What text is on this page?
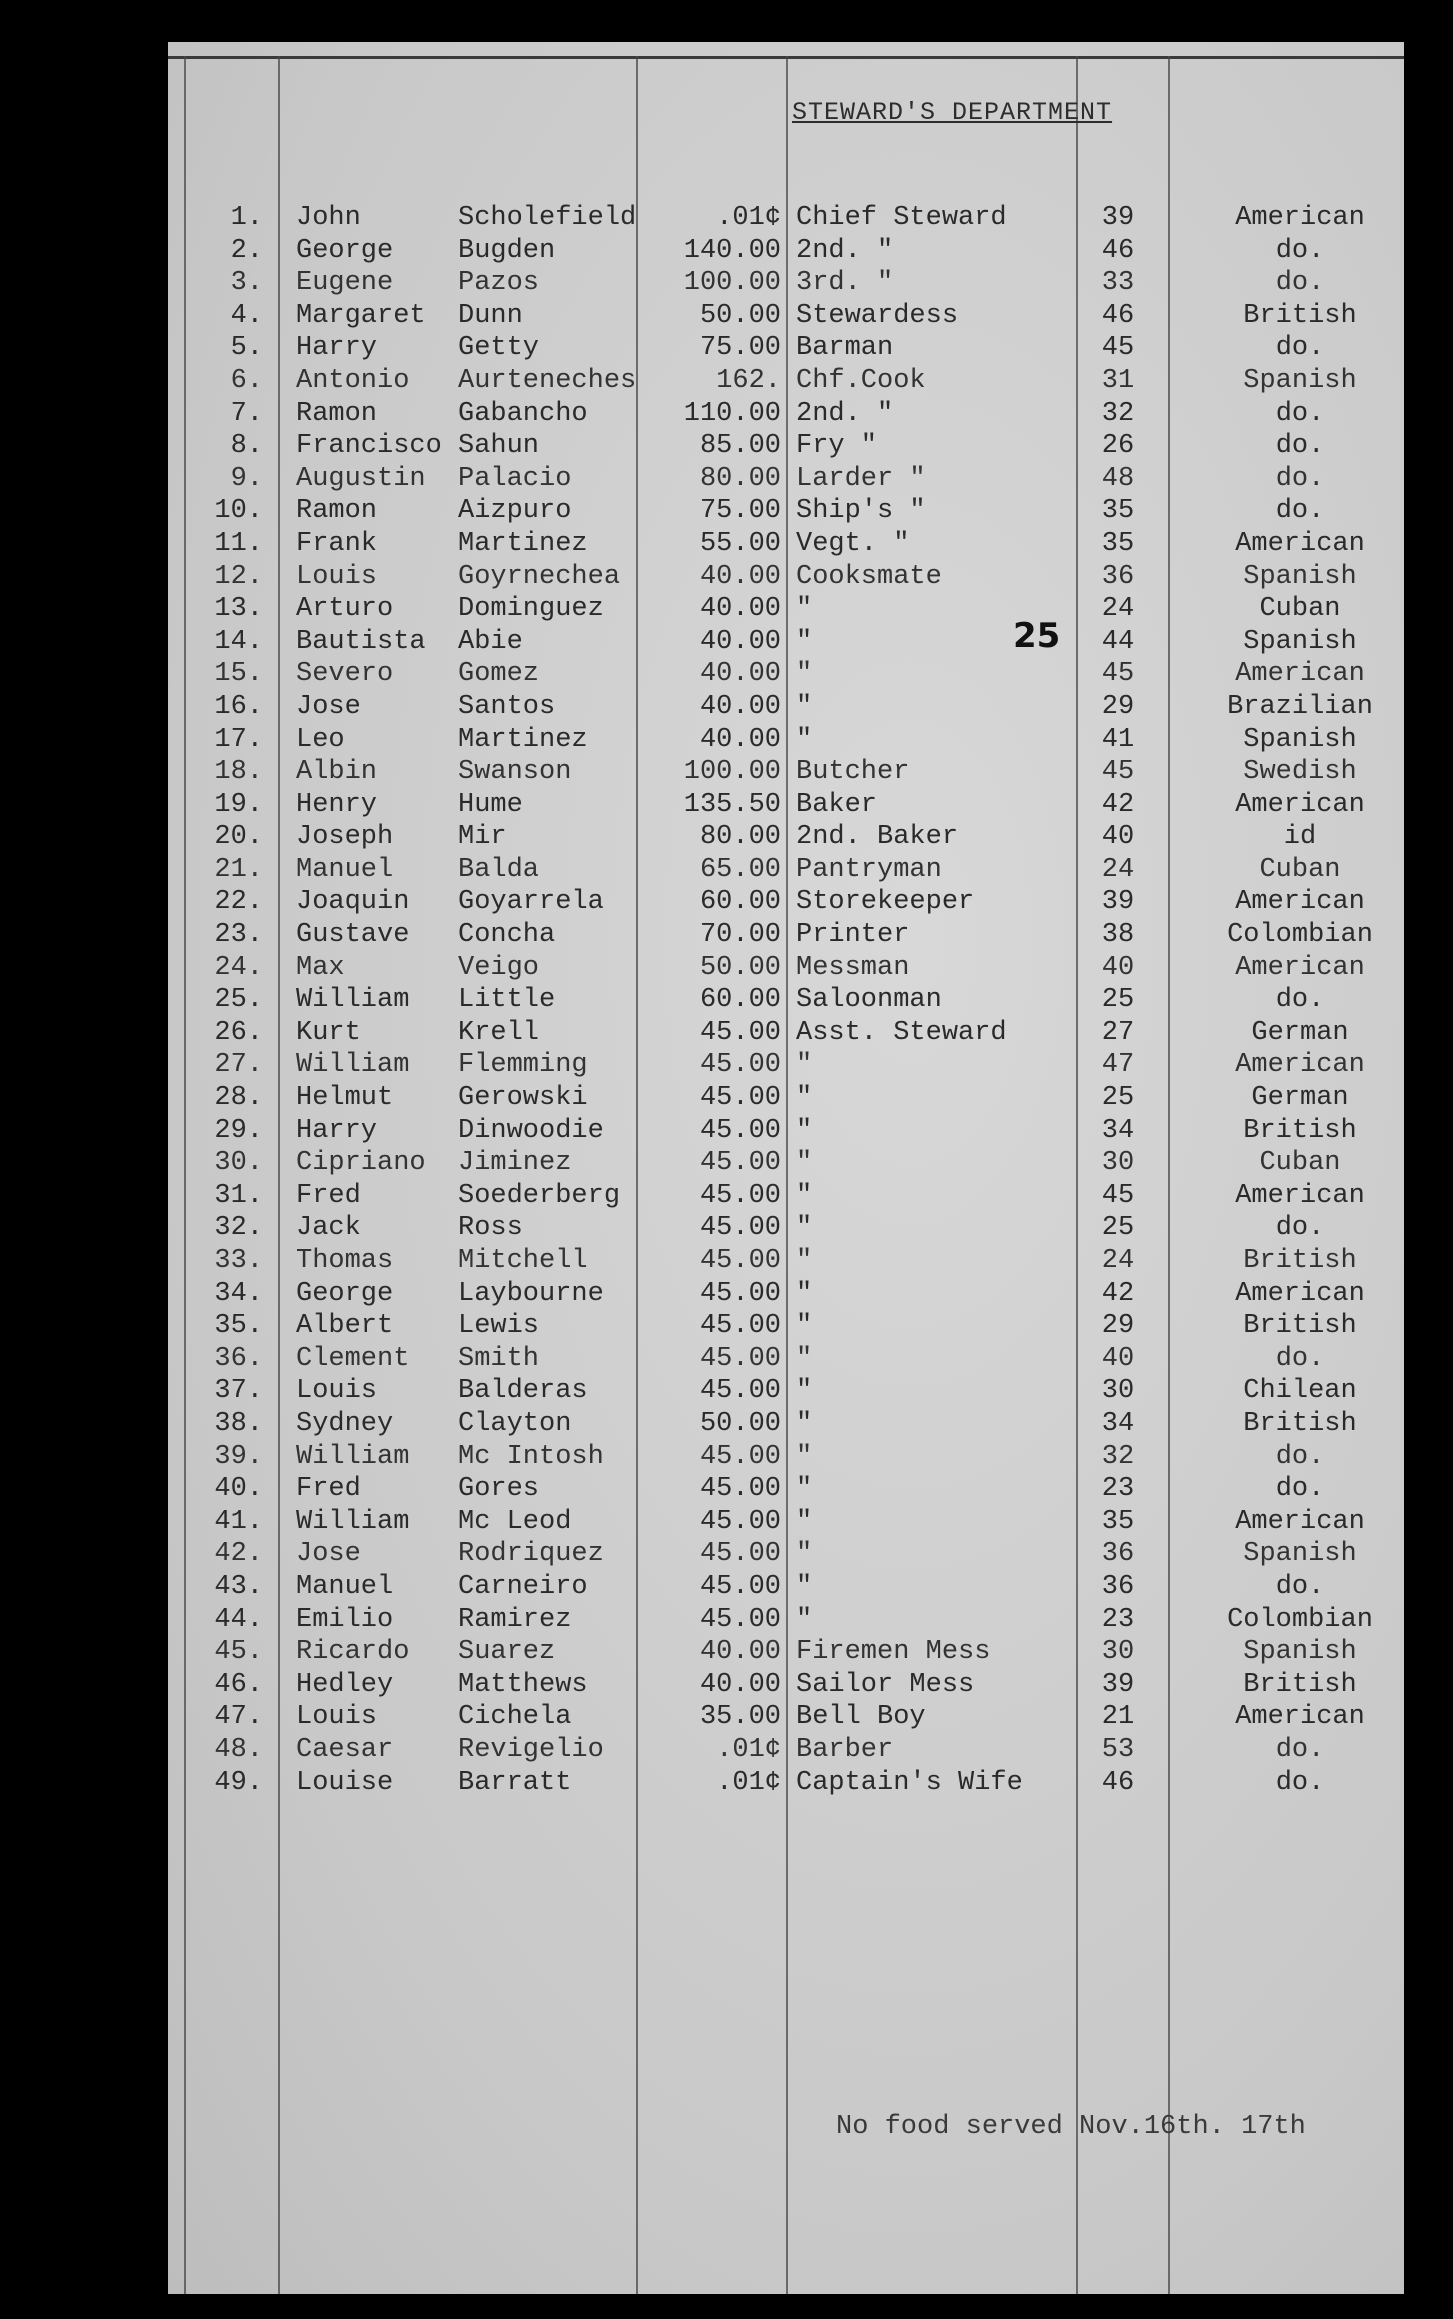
STEWARD'S DEPARTMENT
25
1. John	Scholefield	.01¢ Chief Steward	39	American
2. George Bugden	140.00 2nd. "	46	do.
3. Eugene Pazos	100.00 3rd. "	33	do.
4. Margaret Dunn	50.00 Stewardess	46	British
5. Harry	Getty	75.00 Barman	45	do.
6. Antonio Aurteneches	162. Chf.Cook	31	Spanish
7. Ramon	Gabancho	110.00 2nd. "	32	do.
8. Francisco Sahun	85.00 Fry "	26	do.
9. Augustin Palacio	80.00 Larder "	48	do.
10. Ramon	Aizpuro	75.00 Ship's "	35	do.
11. Frank	Martinez	55.00 Vegt. "	35	American
12. Louis	Goyrnechea	40.00 Cooksmate	36	Spanish
13. Arturo Dominguez	40.00 "	24	Cuban
14. Bautista Abie	40.00 "	44	Spanish
15. Severo Gomez	40.00 "	45	American
16. Jose	Santos	40.00 "	29	Brazilian
17. Leo	Martinez	40.00 "	41	Spanish
18. Albin	Swanson	100.00 Butcher	45	Swedish
19. Henry	Hume	135.50 Baker	42	American
20. Joseph Mir	80.00 2nd. Baker	40	id
21. Manuel Balda	65.00 Pantryman	24	Cuban
22. Joaquin Goyarrela	60.00 Storekeeper	39	American
23. Gustave Concha	70.00 Printer	38	Colombian
24. Max	Veigo	50.00 Messman	40	American
25. William Little	60.00 Saloonman	25	do.
26. Kurt	Krell	45.00 Asst. Steward	27	German
27. William Flemming	45.00 "	47	American
28. Helmut Gerowski	45.00 "	25	German
29. Harry	Dinwoodie	45.00 "	34	British
30. Cipriano Jiminez	45.00 "	30	Cuban
31. Fred	Soederberg	45.00 "	45	American
32. Jack	Ross	45.00 "	25	do.
33. Thomas Mitchell	45.00 "	24	British
34. George Laybourne	45.00 "	42	American
35. Albert Lewis	45.00 "	29	British
36. Clement Smith	45.00 "	40	do.
37. Louis	Balderas	45.00 "	30	Chilean
38. Sydney Clayton	50.00 "	34	British
39. William Mc Intosh	45.00 "	32	do.
40. Fred	Gores	45.00 "	23	do.
41. William Mc Leod	45.00 "	35	American
42. Jose	Rodriquez	45.00 "	36	Spanish
43. Manuel Carneiro	45.00 "	36	do.
44. Emilio Ramirez	45.00 "	23	Colombian
45. Ricardo Suarez	40.00 Firemen Mess	30	Spanish
46. Hedley Matthews	40.00 Sailor Mess	39	British
47. Louis	Cichela	35.00 Bell Boy	21	American
48. Caesar Revigelio	.01¢ Barber	53	do.
49. Louise Barratt	.01¢ Captain's Wife	46	do.
No food served Nov.16th. 17th
